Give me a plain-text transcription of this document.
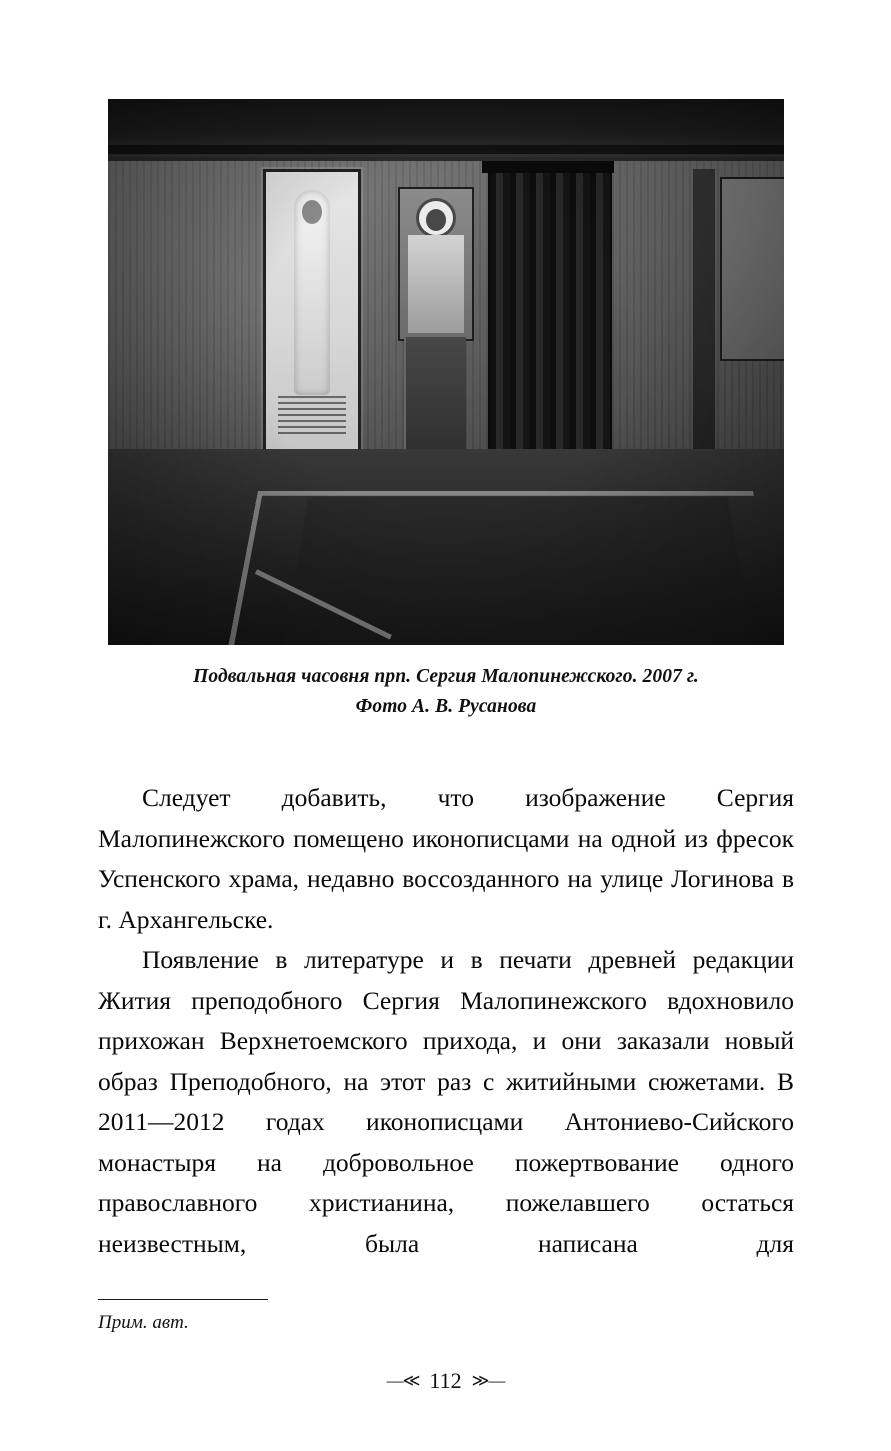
Подвальная часовня прп. Сергия Малопинежского. 2007 г.
Фото А. В. Русанова

Следует добавить, что изображение Сергия Малопинежского помещено иконописцами на одной из фресок Успенского храма, недавно воссозданного на улице Логинова в г. Архангельске.

Появление в литературе и в печати древней редакции Жития преподобного Сергия Малопинежского вдохновило прихожан Верхнетоемского прихода, и они заказали новый образ Преподобного, на этот раз с житийными сюжетами. В 2011—2012 годах иконописцами Антониево-Сийского монастыря на добровольное пожертвование одного православного христианина, пожелавшего остаться неизвестным, была написана для

Прим. авт.
—≪ 112 ≫—
